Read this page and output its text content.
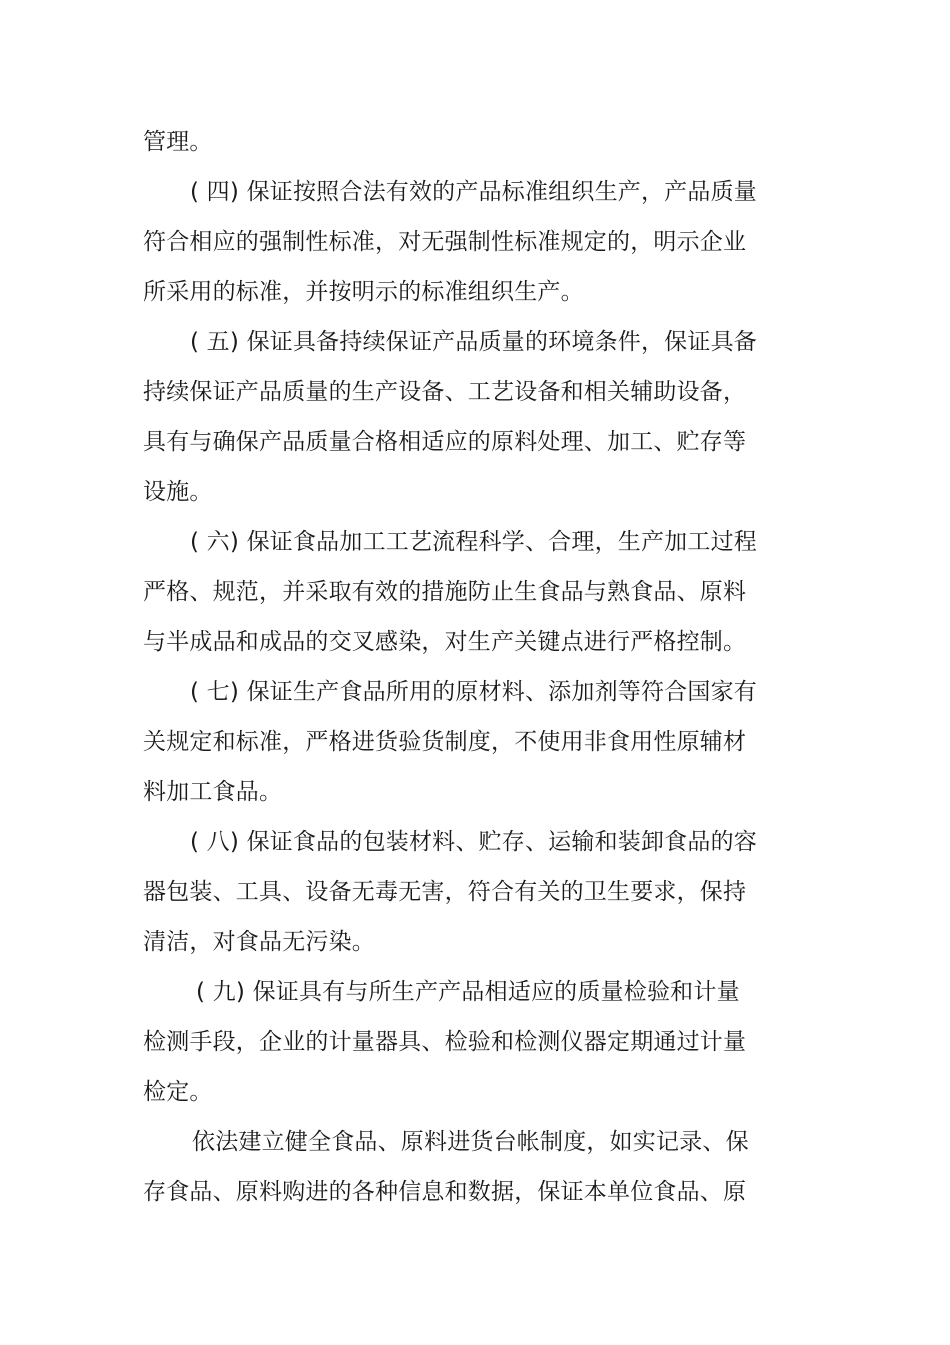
管理。
( 四) 保证按照合法有效的产品标准组织生产，产品质量
符合相应的强制性标准，对无强制性标准规定的，明示企业
所采用的标准，并按明示的标准组织生产。
( 五) 保证具备持续保证产品质量的环境条件，保证具备
持续保证产品质量的生产设备、工艺设备和相关辅助设备，
具有与确保产品质量合格相适应的原料处理、加工、贮存等
设施。
( 六) 保证食品加工工艺流程科学、合理，生产加工过程
严格、规范，并采取有效的措施防止生食品与熟食品、原料
与半成品和成品的交叉感染，对生产关键点进行严格控制。
( 七) 保证生产食品所用的原材料、添加剂等符合国家有
关规定和标准，严格进货验货制度，不使用非食用性原辅材
料加工食品。
( 八) 保证食品的包装材料、贮存、运输和装卸食品的容
器包装、工具、设备无毒无害，符合有关的卫生要求，保持
清洁，对食品无污染。
( 九) 保证具有与所生产产品相适应的质量检验和计量
检测手段，企业的计量器具、检验和检测仪器定期通过计量
检定。
依法建立健全食品、原料进货台帐制度，如实记录、保
存食品、原料购进的各种信息和数据，保证本单位食品、原
